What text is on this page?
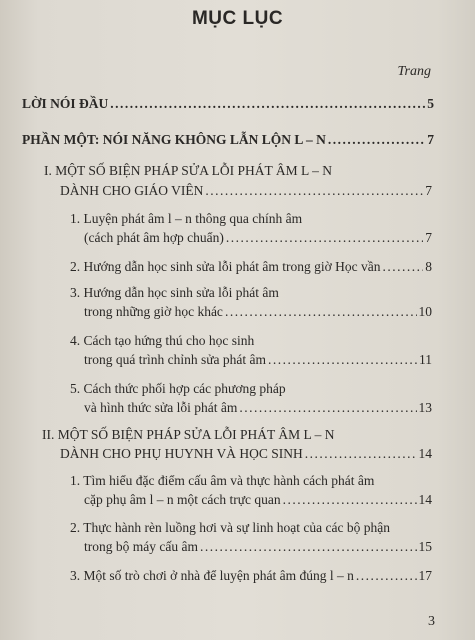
MỤC LỤC
Trang
LỜI NÓI ĐẦU .....	5
PHẦN MỘT: NÓI NĂNG KHÔNG LẪN LỘN L – N .....	7
I. MỘT SỐ BIỆN PHÁP SỬA LỖI PHÁT ÂM L – N
DÀNH CHO GIÁO VIÊN .....	7
1. Luyện phát âm l – n thông qua chính âm
(cách phát âm hợp chuẩn) .....	7
2. Hướng dẫn học sinh sửa lỗi phát âm trong giờ Học vần .....	8
3. Hướng dẫn học sinh sửa lỗi phát âm
trong những giờ học khác .....	10
4. Cách tạo hứng thú cho học sinh
trong quá trình chỉnh sửa phát âm .....	11
5. Cách thức phối hợp các phương pháp
và hình thức sửa lỗi phát âm .....	13
II. MỘT SỐ BIỆN PHÁP SỬA LỖI PHÁT ÂM L – N
DÀNH CHO PHỤ HUYNH VÀ HỌC SINH .....	14
1. Tìm hiểu đặc điểm cấu âm và thực hành cách phát âm
cặp phụ âm l – n một cách trực quan .....	14
2. Thực hành rèn luồng hơi và sự linh hoạt của các bộ phận
trong bộ máy cấu âm .....	15
3. Một số trò chơi ở nhà để luyện phát âm đúng l – n .....	17
3
